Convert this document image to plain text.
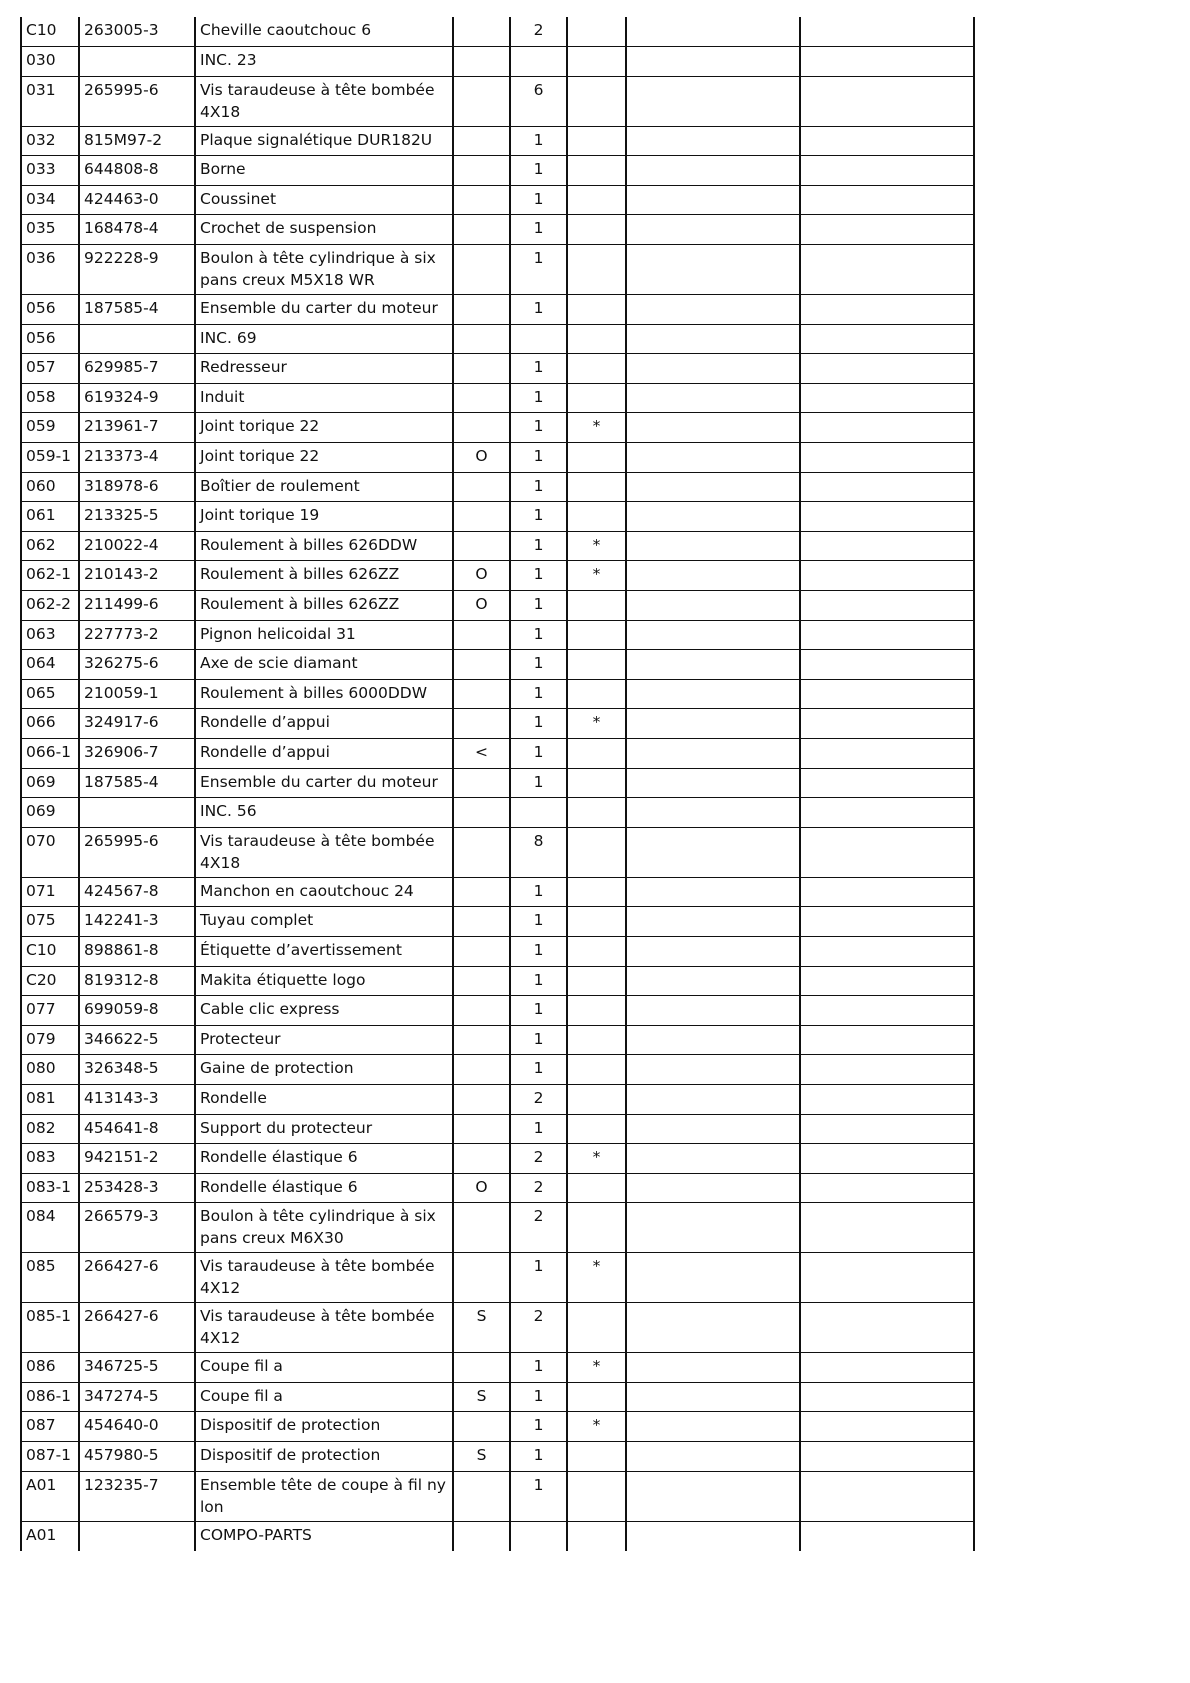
C10	263005-3	Cheville caoutchouc 6		2			
030		INC. 23					
031	265995-6	Vis taraudeuse à tête bombée 4X18		6			
032	815M97-2	Plaque signalétique DUR182U		1			
033	644808-8	Borne		1			
034	424463-0	Coussinet		1			
035	168478-4	Crochet de suspension		1			
036	922228-9	Boulon à tête cylindrique à six pans creux M5X18 WR		1			
056	187585-4	Ensemble du carter du moteur		1			
056		INC. 69					
057	629985-7	Redresseur		1			
058	619324-9	Induit		1			
059	213961-7	Joint torique 22		1	*		
059-1	213373-4	Joint torique 22	O	1			
060	318978-6	Boîtier de roulement		1			
061	213325-5	Joint torique 19		1			
062	210022-4	Roulement à billes 626DDW		1	*		
062-1	210143-2	Roulement à billes 626ZZ	O	1	*		
062-2	211499-6	Roulement à billes 626ZZ	O	1			
063	227773-2	Pignon helicoidal 31		1			
064	326275-6	Axe de scie diamant		1			
065	210059-1	Roulement à billes 6000DDW		1			
066	324917-6	Rondelle d’appui		1	*		
066-1	326906-7	Rondelle d’appui	<	1			
069	187585-4	Ensemble du carter du moteur		1			
069		INC. 56					
070	265995-6	Vis taraudeuse à tête bombée 4X18		8			
071	424567-8	Manchon en caoutchouc 24		1			
075	142241-3	Tuyau complet		1			
C10	898861-8	Étiquette d’avertissement		1			
C20	819312-8	Makita étiquette logo		1			
077	699059-8	Cable clic express		1			
079	346622-5	Protecteur		1			
080	326348-5	Gaine de protection		1			
081	413143-3	Rondelle		2			
082	454641-8	Support du protecteur		1			
083	942151-2	Rondelle élastique 6		2	*		
083-1	253428-3	Rondelle élastique 6	O	2			
084	266579-3	Boulon à tête cylindrique à six pans creux M6X30		2			
085	266427-6	Vis taraudeuse à tête bombée 4X12		1	*		
085-1	266427-6	Vis taraudeuse à tête bombée 4X12	S	2			
086	346725-5	Coupe fil a		1	*		
086-1	347274-5	Coupe fil a	S	1			
087	454640-0	Dispositif de protection		1	*		
087-1	457980-5	Dispositif de protection	S	1			
A01	123235-7	Ensemble tête de coupe à fil nylon		1			
A01		COMPO-PARTS					
